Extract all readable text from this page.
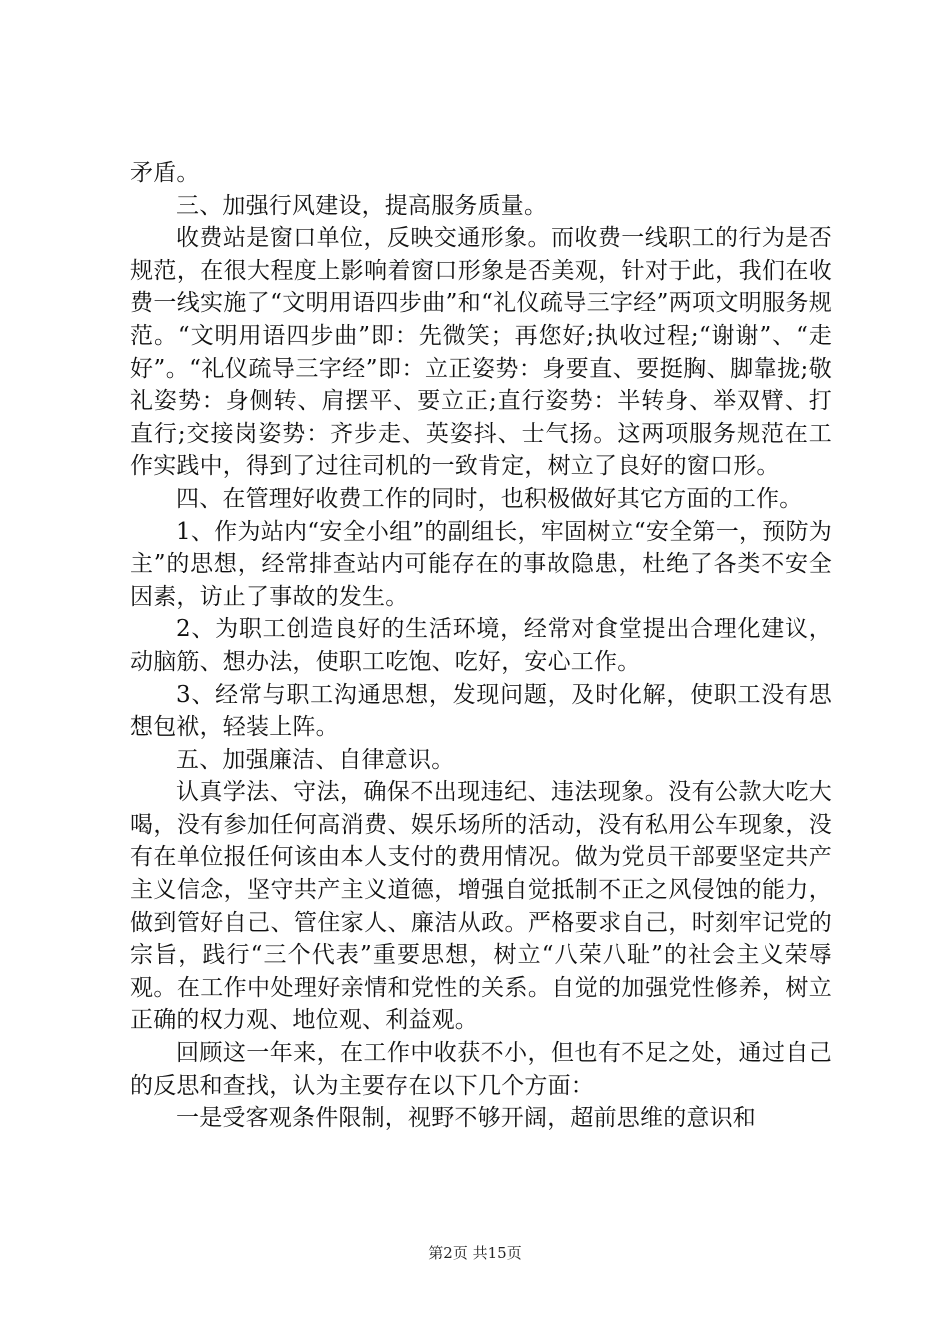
矛盾。

三、加强行风建设，提高服务质量。

收费站是窗口单位，反映交通形象。而收费一线职工的行为是否规范，在很大程度上影响着窗口形象是否美观，针对于此，我们在收费一线实施了“文明用语四步曲”和“礼仪疏导三字经”两项文明服务规范。“文明用语四步曲”即：先微笑；再您好;执收过程;“谢谢”、“走好”。“礼仪疏导三字经”即：立正姿势：身要直、要挺胸、脚靠拢;敬礼姿势：身侧转、肩摆平、要立正;直行姿势：半转身、举双臂、打直行;交接岗姿势：齐步走、英姿抖、士气扬。这两项服务规范在工作实践中，得到了过往司机的一致肯定，树立了良好的窗口形。

四、在管理好收费工作的同时，也积极做好其它方面的工作。

1、作为站内“安全小组”的副组长，牢固树立“安全第一，预防为主”的思想，经常排查站内可能存在的事故隐患，杜绝了各类不安全因素，访止了事故的发生。

2、为职工创造良好的生活环境，经常对食堂提出合理化建议，动脑筋、想办法，使职工吃饱、吃好，安心工作。

3、经常与职工沟通思想，发现问题，及时化解，使职工没有思想包袱，轻装上阵。

五、加强廉洁、自律意识。

认真学法、守法，确保不出现违纪、违法现象。没有公款大吃大喝，没有参加任何高消费、娱乐场所的活动，没有私用公车现象，没有在单位报任何该由本人支付的费用情况。做为党员干部要坚定共产主义信念，坚守共产主义道德，增强自觉抵制不正之风侵蚀的能力，做到管好自己、管住家人、廉洁从政。严格要求自己，时刻牢记党的宗旨，践行“三个代表”重要思想，树立“八荣八耻”的社会主义荣辱观。在工作中处理好亲情和党性的关系。自觉的加强党性修养，树立正确的权力观、地位观、利益观。

回顾这一年来，在工作中收获不小，但也有不足之处，通过自己的反思和查找，认为主要存在以下几个方面：

一是受客观条件限制，视野不够开阔，超前思维的意识和

第2页 共15页
